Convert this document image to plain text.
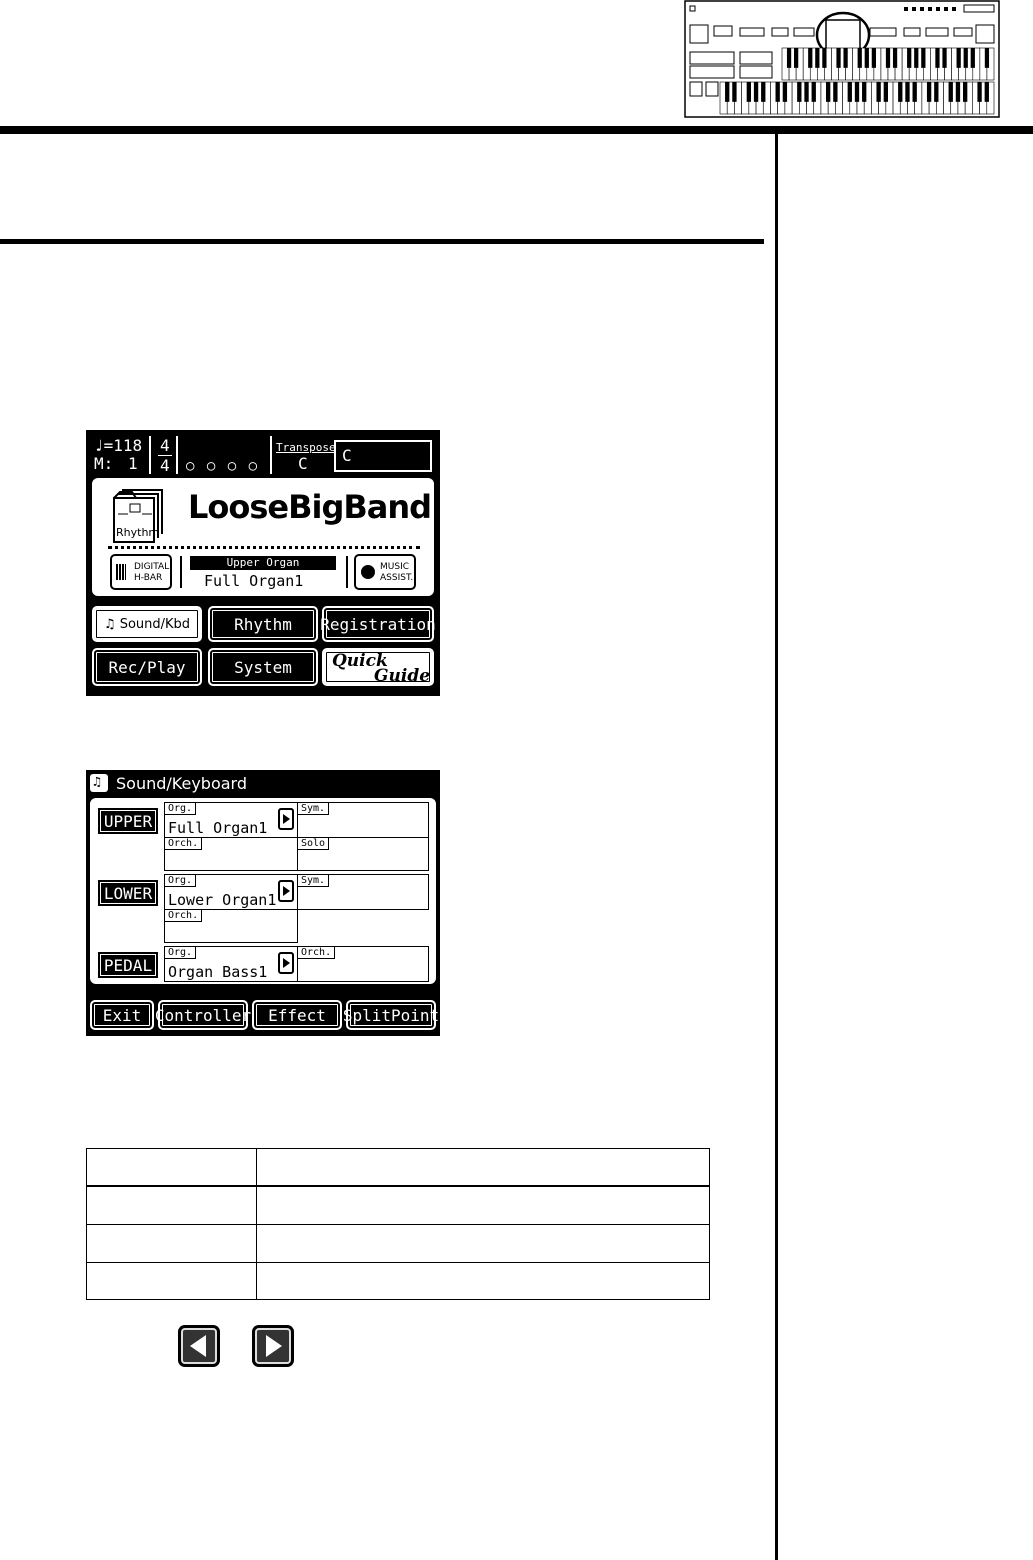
♩=118
M: 1
4
4 ○ ○ ○ ○
Transpose
C C
Rhythm
LooseBigBand
DIGITAL
H-BAR
Upper Organ
Full Organ1
MUSIC
ASSIST.
♫ Sound/Kbd	Rhythm	Registration
Rec/Play	System	Quick
Guide
♫ Sound/Keyboard
UPPER
LOWER
PEDAL
Org.
Full Organ1
Sym.
Orch.	Solo
Org.
Lower Organ1
Sym.
Orch.
Org.
Organ Bass1
Orch.
Exit Controller	Effect	SplitPoint
